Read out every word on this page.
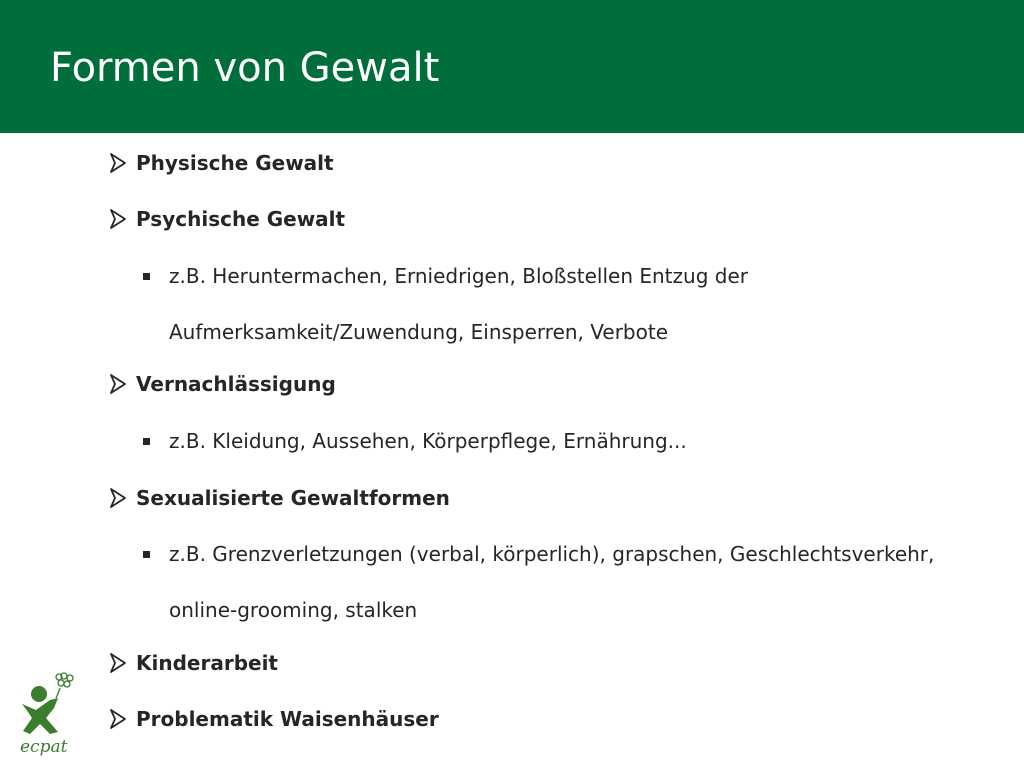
Formen von Gewalt
Physische Gewalt
Psychische Gewalt
z.B. Heruntermachen, Erniedrigen, Bloßstellen Entzug der Aufmerksamkeit/Zuwendung, Einsperren, Verbote
Vernachlässigung
z.B. Kleidung, Aussehen, Körperpflege, Ernährung...
Sexualisierte Gewaltformen
z.B. Grenzverletzungen (verbal, körperlich), grapschen, Geschlechtsverkehr, online-grooming, stalken
Kinderarbeit
Problematik Waisenhäuser
ecpat
